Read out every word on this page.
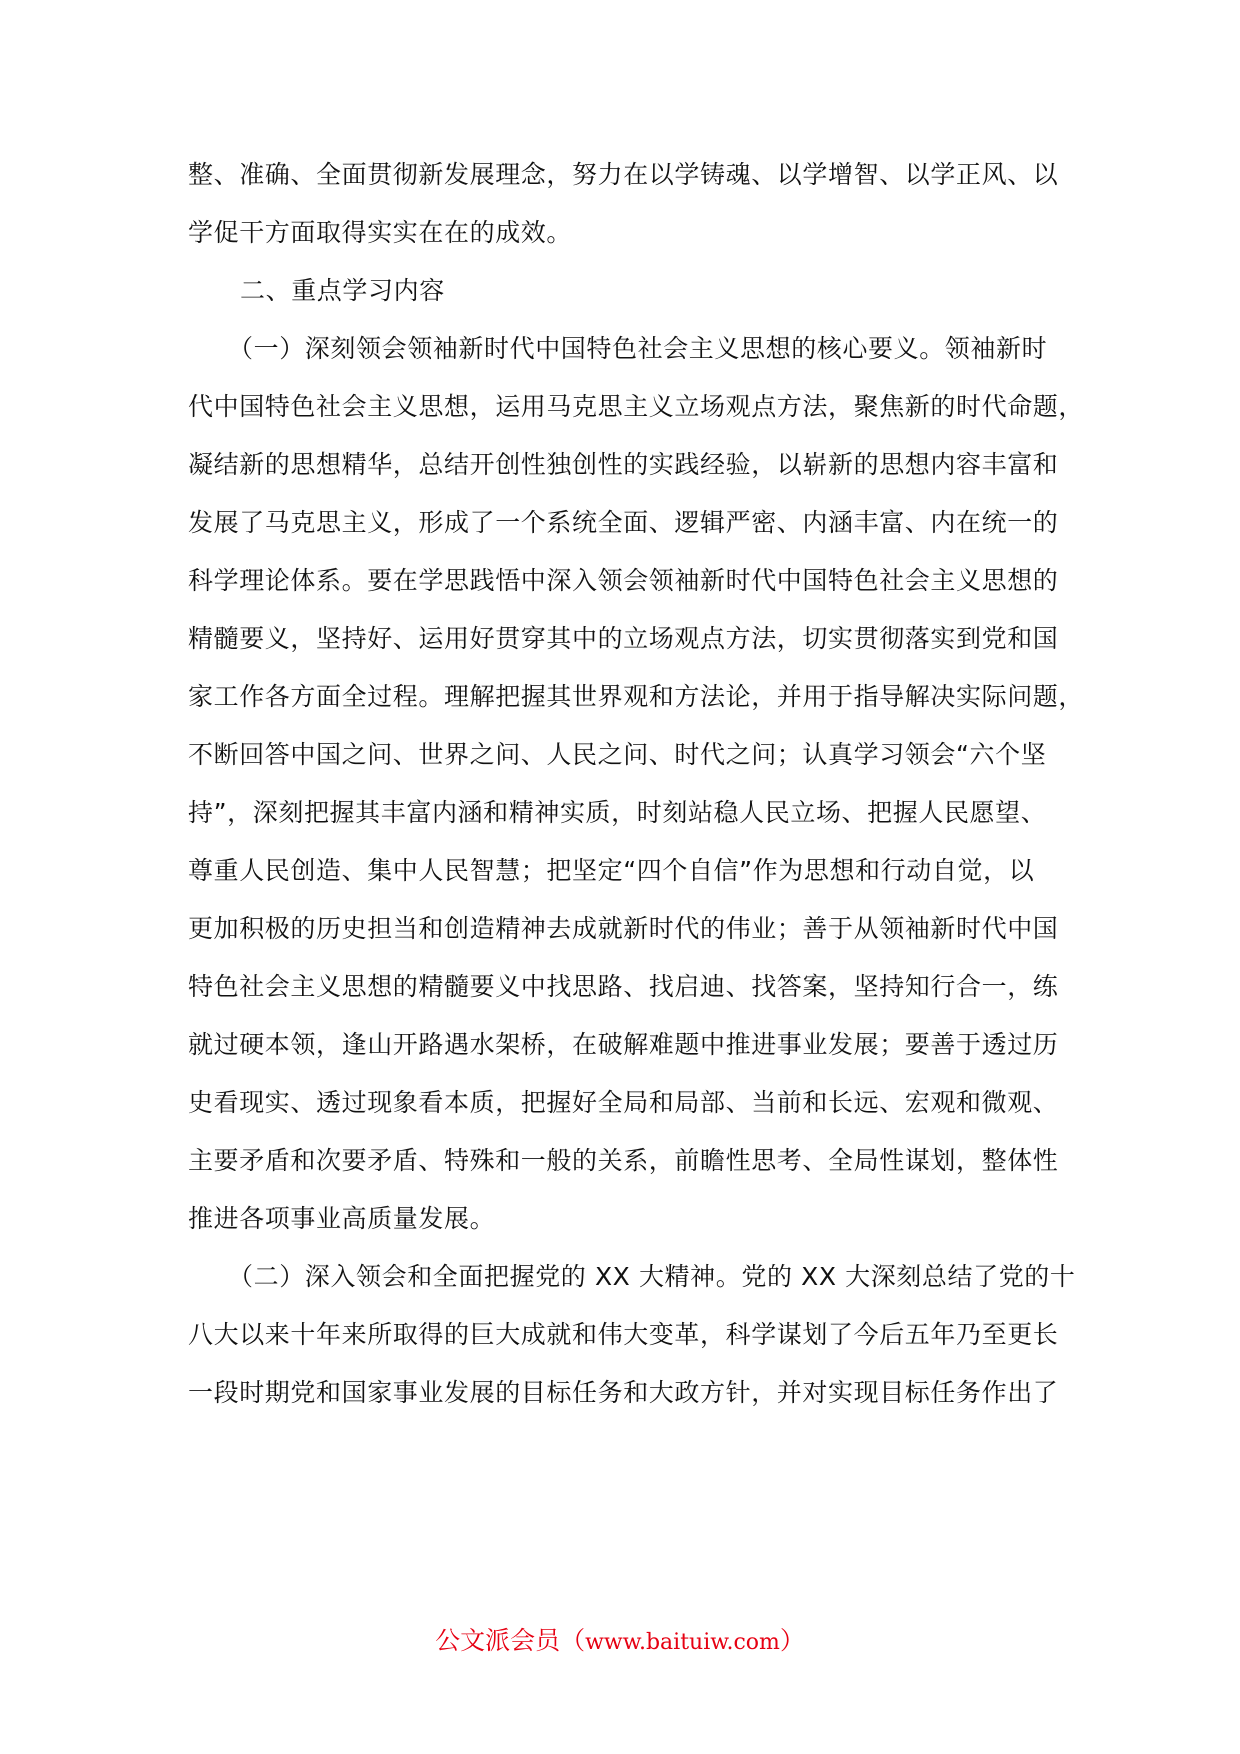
整、准确、全面贯彻新发展理念，努力在以学铸魂、以学增智、以学正风、以
学促干方面取得实实在在的成效。
二、重点学习内容
（一）深刻领会领袖新时代中国特色社会主义思想的核心要义。领袖新时
代中国特色社会主义思想，运用马克思主义立场观点方法，聚焦新的时代命题，
凝结新的思想精华，总结开创性独创性的实践经验，以崭新的思想内容丰富和
发展了马克思主义，形成了一个系统全面、逻辑严密、内涵丰富、内在统一的
科学理论体系。要在学思践悟中深入领会领袖新时代中国特色社会主义思想的
精髓要义，坚持好、运用好贯穿其中的立场观点方法，切实贯彻落实到党和国
家工作各方面全过程。理解把握其世界观和方法论，并用于指导解决实际问题，
不断回答中国之问、世界之问、人民之问、时代之问；认真学习领会“六个坚
持”，深刻把握其丰富内涵和精神实质，时刻站稳人民立场、把握人民愿望、
尊重人民创造、集中人民智慧；把坚定“四个自信”作为思想和行动自觉，以
更加积极的历史担当和创造精神去成就新时代的伟业；善于从领袖新时代中国
特色社会主义思想的精髓要义中找思路、找启迪、找答案，坚持知行合一，练
就过硬本领，逢山开路遇水架桥，在破解难题中推进事业发展；要善于透过历
史看现实、透过现象看本质，把握好全局和局部、当前和长远、宏观和微观、
主要矛盾和次要矛盾、特殊和一般的关系，前瞻性思考、全局性谋划，整体性
推进各项事业高质量发展。
（二）深入领会和全面把握党的 XX 大精神。党的 XX 大深刻总结了党的十
八大以来十年来所取得的巨大成就和伟大变革，科学谋划了今后五年乃至更长
一段时期党和国家事业发展的目标任务和大政方针，并对实现目标任务作出了
公文派会员（www.baituiw.com）
